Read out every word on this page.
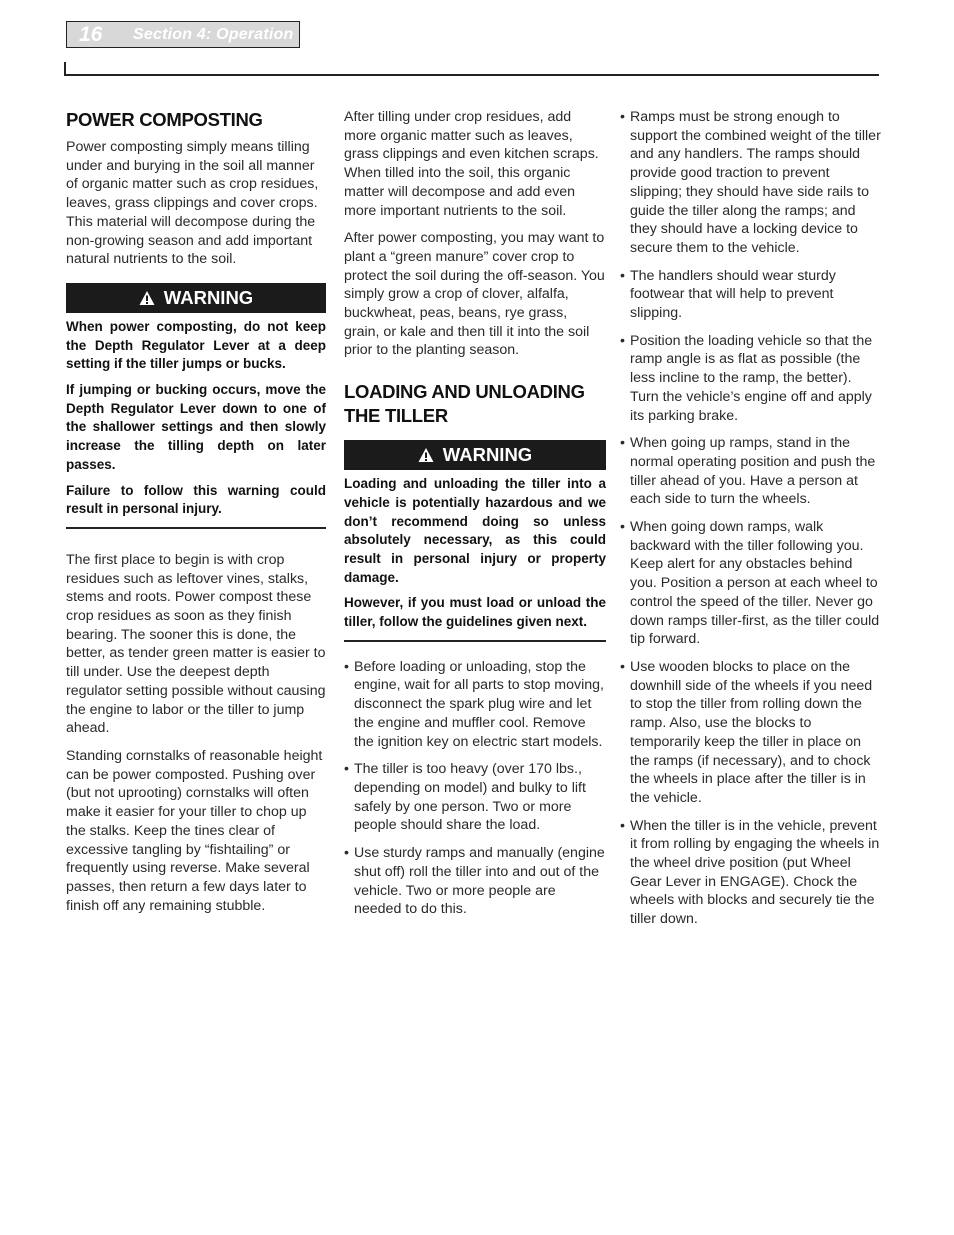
16 Section 4: Operation
POWER COMPOSTING

Power composting simply means tilling under and burying in the soil all manner of organic matter such as crop residues, leaves, grass clippings and cover crops. This material will decompose during the non-growing season and add important natural nutrients to the soil.

WARNING

When power composting, do not keep the Depth Regulator Lever at a deep setting if the tiller jumps or bucks.

If jumping or bucking occurs, move the Depth Regulator Lever down to one of the shallower settings and then slowly increase the tilling depth on later passes.

Failure to follow this warning could result in personal injury.

The first place to begin is with crop residues such as leftover vines, stalks, stems and roots. Power compost these crop residues as soon as they finish bearing. The sooner this is done, the better, as tender green matter is easier to till under. Use the deepest depth regulator setting possible without causing the engine to labor or the tiller to jump ahead.

Standing cornstalks of reasonable height can be power composted. Pushing over (but not uprooting) cornstalks will often make it easier for your tiller to chop up the stalks. Keep the tines clear of excessive tangling by “fishtailing” or frequently using reverse. Make several passes, then return a few days later to finish off any remaining stubble.

After tilling under crop residues, add more organic matter such as leaves, grass clippings and even kitchen scraps. When tilled into the soil, this organic matter will decompose and add even more important nutrients to the soil.

After power composting, you may want to plant a “green manure” cover crop to protect the soil during the off-season. You simply grow a crop of clover, alfalfa, buckwheat, peas, beans, rye grass, grain, or kale and then till it into the soil prior to the planting season.

LOADING AND UNLOADING
THE TILLER
WARNING

Loading and unloading the tiller into a vehicle is potentially hazardous and we don’t recommend doing so unless absolutely necessary, as this could result in personal injury or property damage.

However, if you must load or unload the tiller, follow the guidelines given next.

• Before loading or unloading, stop the engine, wait for all parts to stop moving, disconnect the spark plug wire and let the engine and muffler cool. Remove the ignition key on electric start models.
• The tiller is too heavy (over 170 lbs., depending on model) and bulky to lift safely by one person. Two or more people should share the load.
• Use sturdy ramps and manually (engine shut off) roll the tiller into and out of the vehicle. Two or more people are needed to do this.
• Ramps must be strong enough to support the combined weight of the tiller and any handlers. The ramps should provide good traction to prevent slipping; they should have side rails to guide the tiller along the ramps; and they should have a locking device to secure them to the vehicle.
• The handlers should wear sturdy footwear that will help to prevent slipping.
• Position the loading vehicle so that the ramp angle is as flat as possible (the less incline to the ramp, the better). Turn the vehicle’s engine off and apply its parking brake.
• When going up ramps, stand in the normal operating position and push the tiller ahead of you. Have a person at each side to turn the wheels.
• When going down ramps, walk backward with the tiller following you. Keep alert for any obstacles behind you. Position a person at each wheel to control the speed of the tiller. Never go down ramps tiller-first, as the tiller could tip forward.
• Use wooden blocks to place on the downhill side of the wheels if you need to stop the tiller from rolling down the ramp. Also, use the blocks to temporarily keep the tiller in place on the ramps (if necessary), and to chock the wheels in place after the tiller is in the vehicle.
• When the tiller is in the vehicle, prevent it from rolling by engaging the wheels in the wheel drive position (put Wheel Gear Lever in ENGAGE). Chock the wheels with blocks and securely tie the tiller down.
